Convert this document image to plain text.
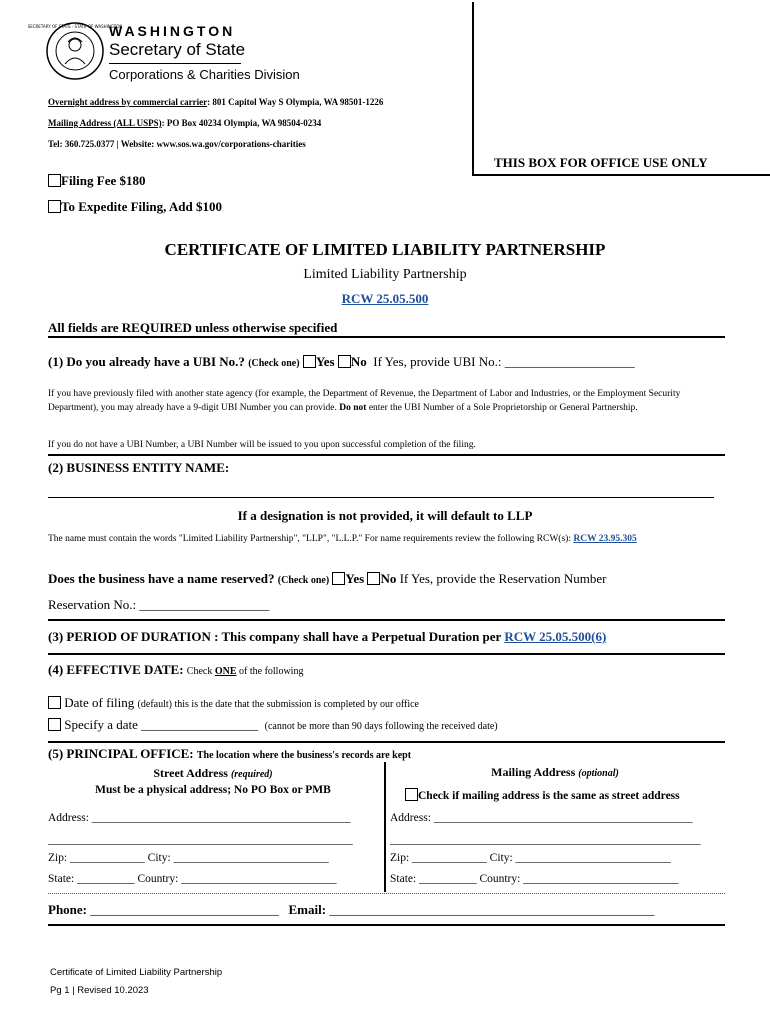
SECRETARY OF STATE · STATE OF WASHINGTON
WASHINGTON
Secretary of State
Corporations & Charities Division
Overnight address by commercial carrier: 801 Capitol Way S Olympia, WA 98501-1226
Mailing Address (ALL USPS): PO Box 40234 Olympia, WA 98504-0234
Tel: 360.725.0377 | Website: www.sos.wa.gov/corporations-charities
THIS BOX FOR OFFICE USE ONLY
Filing Fee $180
To Expedite Filing, Add $100
CERTIFICATE OF LIMITED LIABILITY PARTNERSHIP
Limited Liability Partnership
RCW 25.05.500
All fields are REQUIRED unless otherwise specified
(1) Do you already have a UBI No.? (Check one) Yes No If Yes, provide UBI No.: ____________________
If you have previously filed with another state agency (for example, the Department of Revenue, the Department of Labor and Industries, or the Employment Security Department), you may already have a 9-digit UBI Number you can provide. Do not enter the UBI Number of a Sole Proprietorship or General Partnership.
If you do not have a UBI Number, a UBI Number will be issued to you upon successful completion of the filing.
(2) BUSINESS ENTITY NAME:
If a designation is not provided, it will default to LLP
The name must contain the words "Limited Liability Partnership", "LLP", "L.L.P." For name requirements review the following RCW(s): RCW 23.95.305
Does the business have a name reserved? (Check one) Yes No If Yes, provide the Reservation Number
Reservation No.: ____________________
(3) PERIOD OF DURATION : This company shall have a Perpetual Duration per RCW 25.05.500(6)
(4) EFFECTIVE DATE: Check ONE of the following
Date of filing (default) this is the date that the submission is completed by our office
Specify a date __________________ (cannot be more than 90 days following the received date)
(5) PRINCIPAL OFFICE: The location where the business's records are kept
Street Address (required)
Must be a physical address; No PO Box or PMB
Mailing Address (optional)
Check if mailing address is the same as street address
Address: _____________________________________________
_____________________________________________________
Zip: _____________ City: ___________________________
State: __________ Country: ___________________________
Address: _____________________________________________
______________________________________________________
Zip: _____________ City: ___________________________
State: __________ Country: ___________________________
Phone: _____________________________ Email: __________________________________________________
Certificate of Limited Liability Partnership
Pg 1 | Revised 10.2023
